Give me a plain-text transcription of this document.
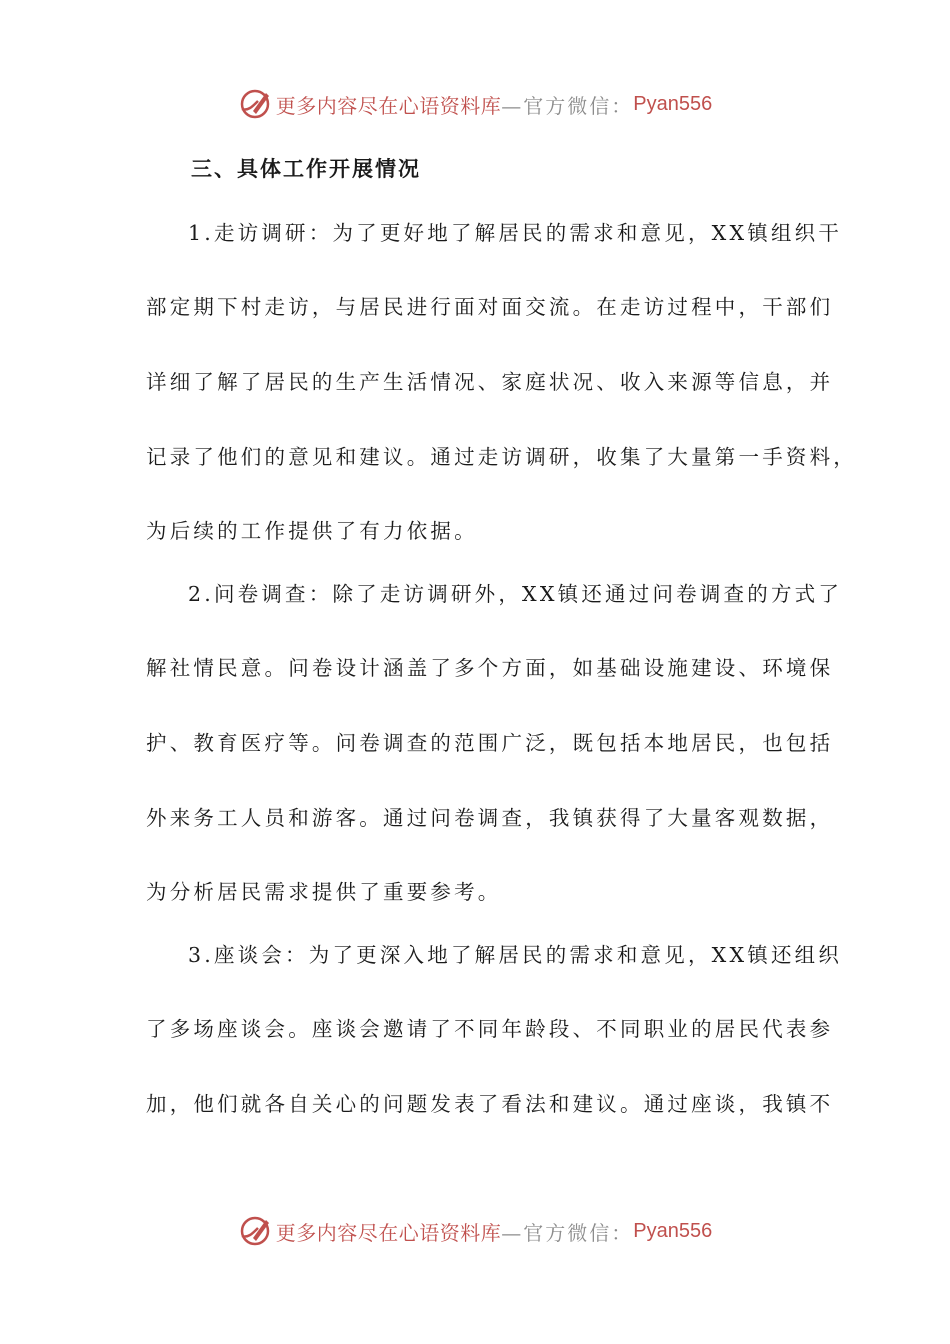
更多内容尽在心语资料库 —官方微信： Pyan556
三、具体工作开展情况
1.走访调研：为了更好地了解居民的需求和意见，XX镇组织干
部定期下村走访，与居民进行面对面交流。在走访过程中，干部们
详细了解了居民的生产生活情况、家庭状况、收入来源等信息，并
记录了他们的意见和建议。通过走访调研，收集了大量第一手资料，
为后续的工作提供了有力依据。
2.问卷调查：除了走访调研外，XX镇还通过问卷调查的方式了
解社情民意。问卷设计涵盖了多个方面，如基础设施建设、环境保
护、教育医疗等。问卷调查的范围广泛，既包括本地居民，也包括
外来务工人员和游客。通过问卷调查，我镇获得了大量客观数据，
为分析居民需求提供了重要参考。
3.座谈会：为了更深入地了解居民的需求和意见，XX镇还组织
了多场座谈会。座谈会邀请了不同年龄段、不同职业的居民代表参
加，他们就各自关心的问题发表了看法和建议。通过座谈，我镇不
更多内容尽在心语资料库 —官方微信： Pyan556
